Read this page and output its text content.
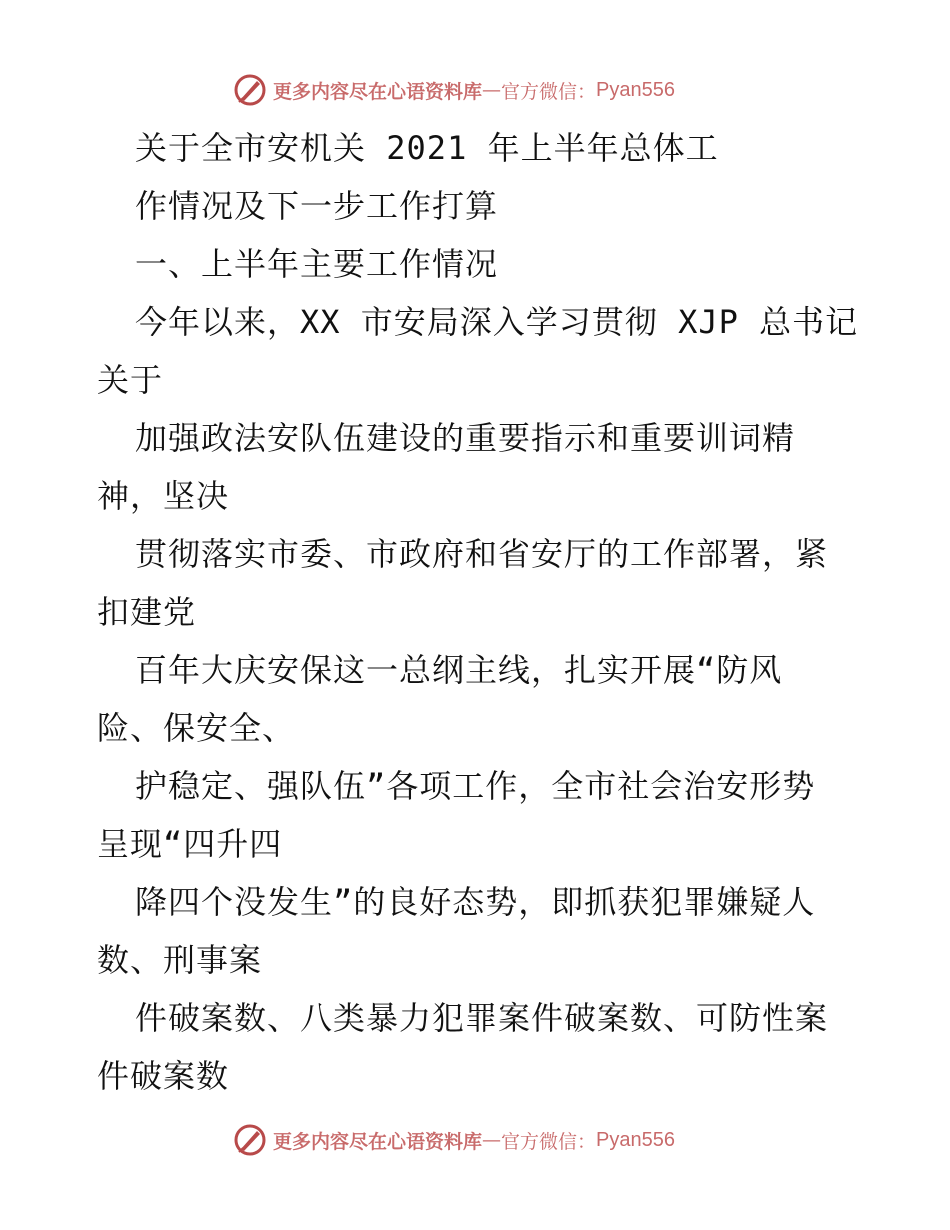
更多内容尽在心语资料库 — 官方微信： Pyan556
关于全市安机关 2021 年上半年总体工
作情况及下一步工作打算
一、上半年主要工作情况
今年以来，XX 市安局深入学习贯彻 XJP 总书记
关于
加强政法安队伍建设的重要指示和重要训词精
神，坚决
贯彻落实市委、市政府和省安厅的工作部署，紧
扣建党
百年大庆安保这一总纲主线，扎实开展“防风
险、保安全、
护稳定、强队伍”各项工作，全市社会治安形势
呈现“四升四
降四个没发生”的良好态势，即抓获犯罪嫌疑人
数、刑事案
件破案数、八类暴力犯罪案件破案数、可防性案
件破案数
更多内容尽在心语资料库 — 官方微信： Pyan556
